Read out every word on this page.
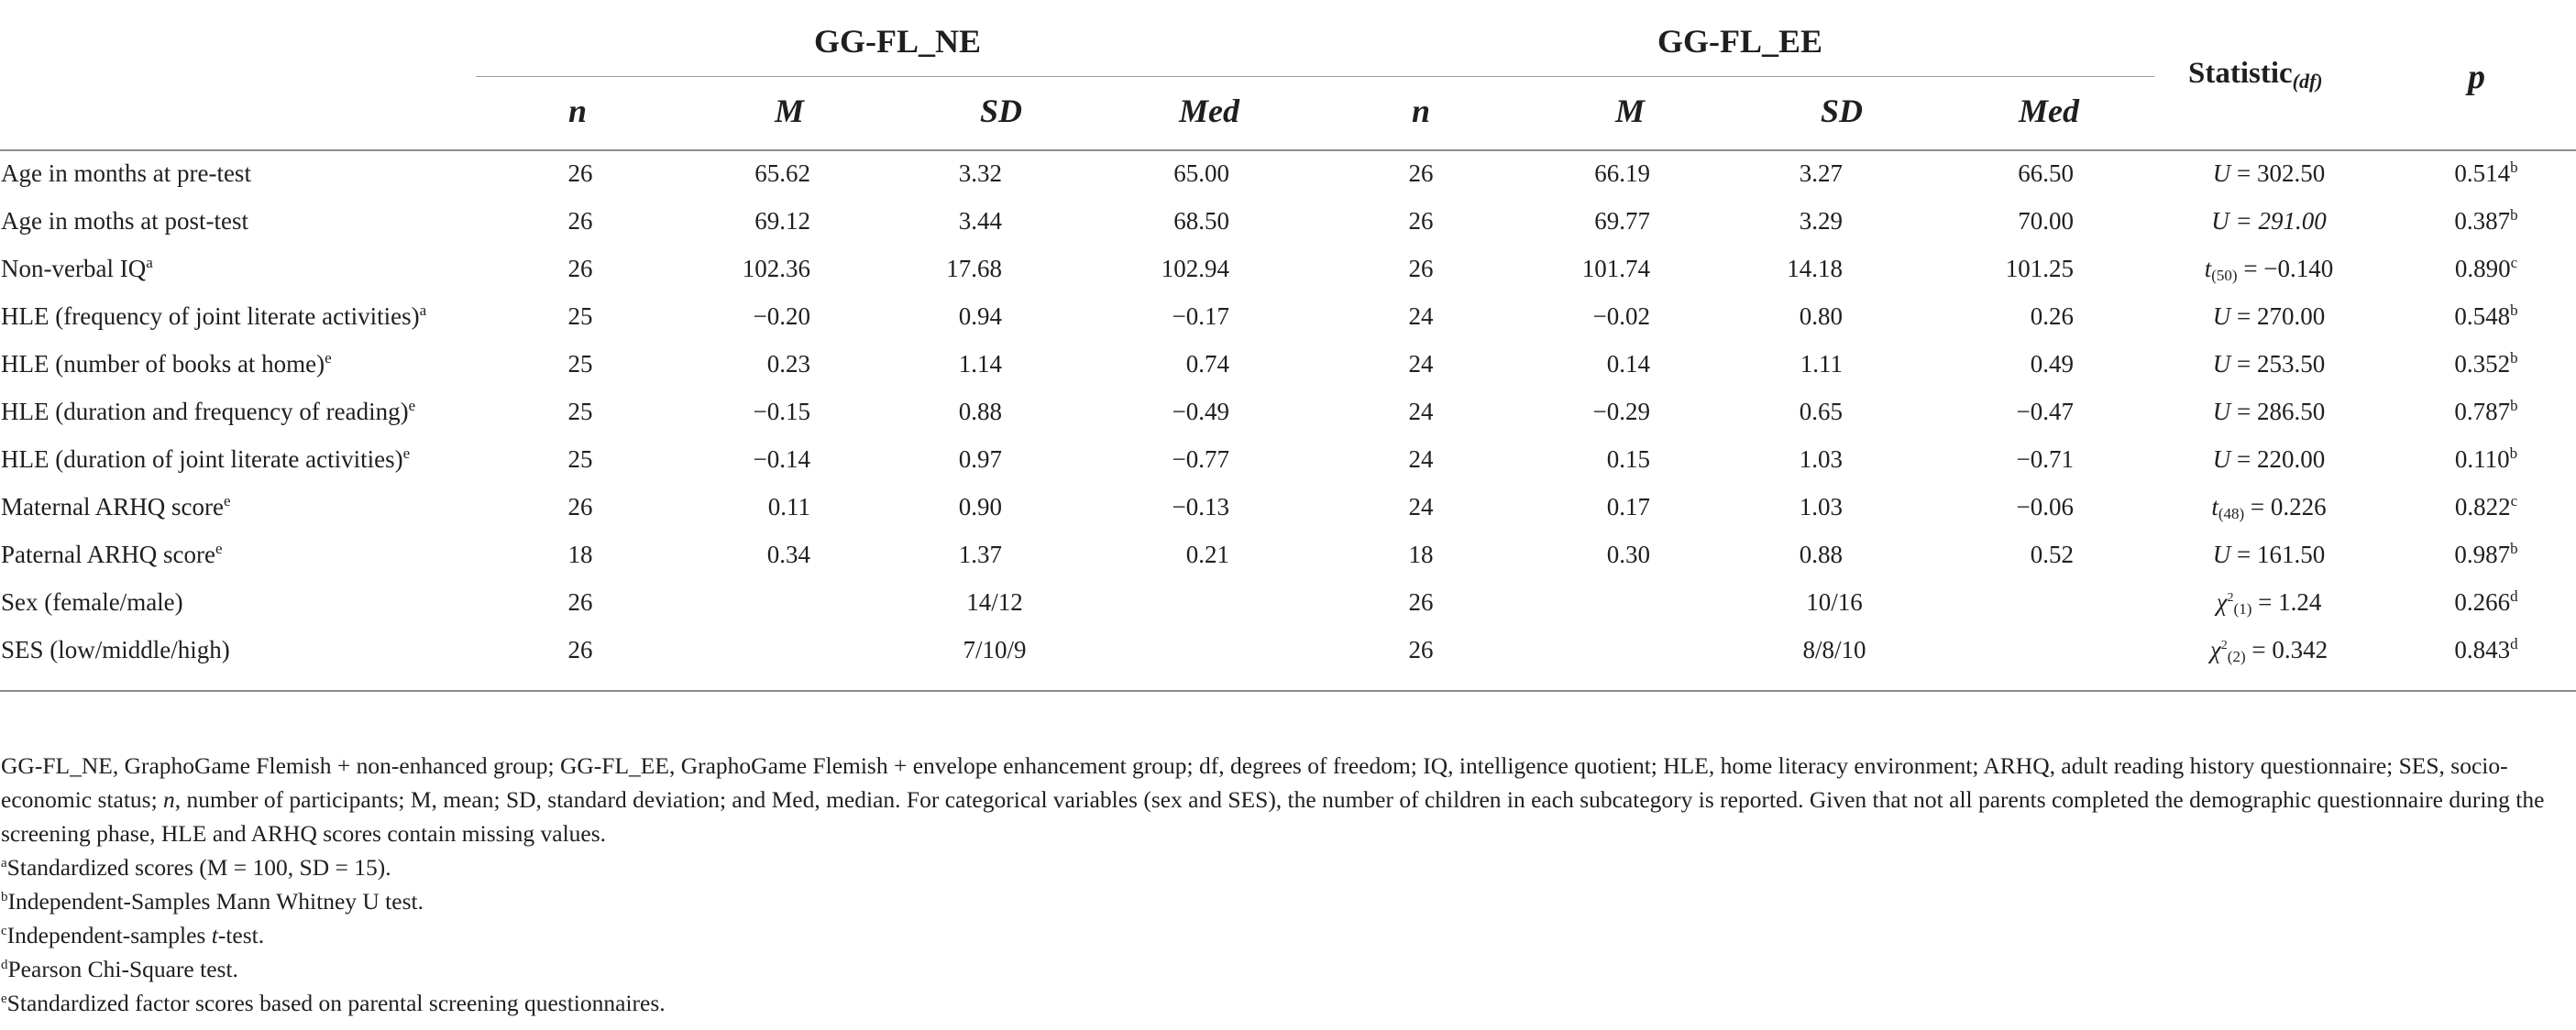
GG-FL_NE	GG-FL_EE
n	M	SD	Med	n	M	SD	Med
Statistic$_{(df)}$	p
Age in months at pre-test	26	65.62	3.32	65.00	26	66.19	3.27	66.50	U = 302.50	0.514$^b$
Age in moths at post-test	26	69.12	3.44	68.50	26	69.77	3.29	70.00	U = 291.00	0.387$^b$
Non-verbal $IQ^a$	26	102.36	17.68	102.94	26	101.74	14.18	101.25	$t_{(50)} = -0.140$	0.890$^c$
HLE (frequency of joint literate activities)$^a$	25	−0.20	0.94	−0.17	24	−0.02	0.80	0.26	U = 270.00	0.548$^b$
HLE (number of books at home)$^e$	25	0.23	1.14	0.74	24	0.14	1.11	0.49	U = 253.50	0.352$^b$
HLE (duration and frequency of reading)$^e$	25	−0.15	0.88	−0.49	24	−0.29	0.65	−0.47	U = 286.50	0.787$^b$
HLE (duration of joint literate activities)$^e$	25	−0.14	0.97	−0.77	24	0.15	1.03	−0.71	U = 220.00	0.110$^b$
Maternal ARHQ score$^e$	26	0.11	0.90	−0.13	24	0.17	1.03	−0.06	$t_{(48)} = 0.226$	0.822$^c$
Paternal ARHQ score$^e$	18	0.34	1.37	0.21	18	0.30	0.88	0.52	U = 161.50	0.987$^b$
Sex (female/male)	26	14/12	26	10/16	$\chi^2_{(1)} = 1.24$	0.266$^d$
SES (low/middle/high)	26	7/10/9	26	8/8/10	$\chi^2_{(2)} = 0.342$	0.843$^d$

GG-FL_NE, GraphoGame Flemish + non-enhanced group; GG-FL_EE, GraphoGame Flemish + envelope enhancement group; df, degrees of freedom; IQ, intelligence quotient; HLE, home literacy environment; ARHQ, adult reading history questionnaire; SES, socio-economic status; n, number of participants; M, mean; SD, standard deviation; and Med, median. For categorical variables (sex and SES), the number of children in each subcategory is reported. Given that not all parents completed the demographic questionnaire during the screening phase, HLE and ARHQ scores contain missing values.

$^a$Standardized scores (M = 100, SD = 15).

$^b$Independent-Samples Mann Whitney U test.

$^c$Independent-samples t-test.

$^d$Pearson Chi-Square test.

$^e$Standardized factor scores based on parental screening questionnaires.
